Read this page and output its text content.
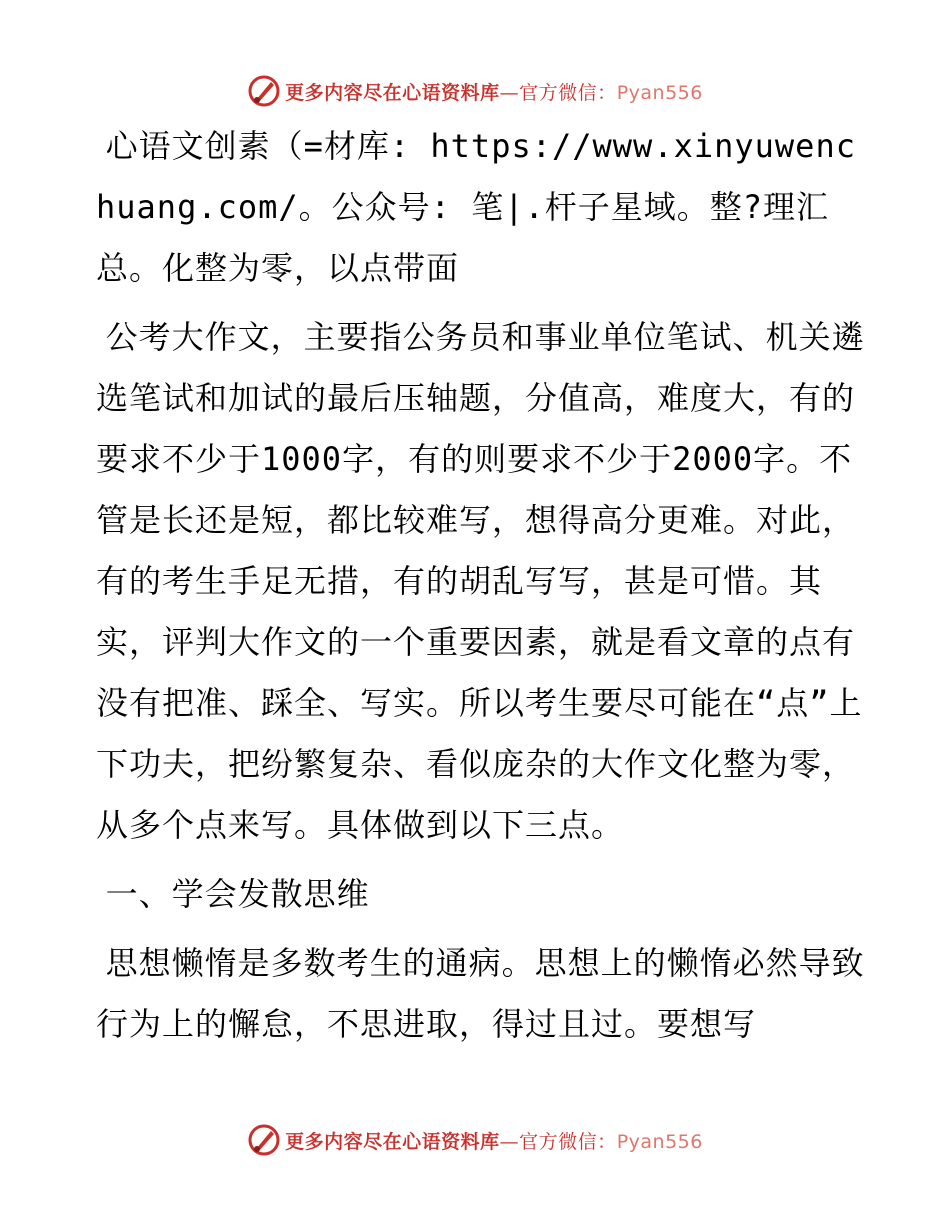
更多内容尽在心语资料库—官方微信：Pyan556

心语文创素（=材库: https://www.xinyuwenchuang.com/。公众号: 笔|.杆子星域。整?理汇总。化整为零，以点带面

公考大作文，主要指公务员和事业单位笔试、机关遴选笔试和加试的最后压轴题，分值高，难度大，有的要求不少于1000字，有的则要求不少于2000字。不管是长还是短，都比较难写，想得高分更难。对此，有的考生手足无措，有的胡乱写写，甚是可惜。其实，评判大作文的一个重要因素，就是看文章的点有没有把准、踩全、写实。所以考生要尽可能在“点”上下功夫，把纷繁复杂、看似庞杂的大作文化整为零，从多个点来写。具体做到以下三点。

一、学会发散思维

思想懒惰是多数考生的通病。思想上的懒惰必然导致行为上的懈怠，不思进取，得过且过。要想写

更多内容尽在心语资料库—官方微信：Pyan556
